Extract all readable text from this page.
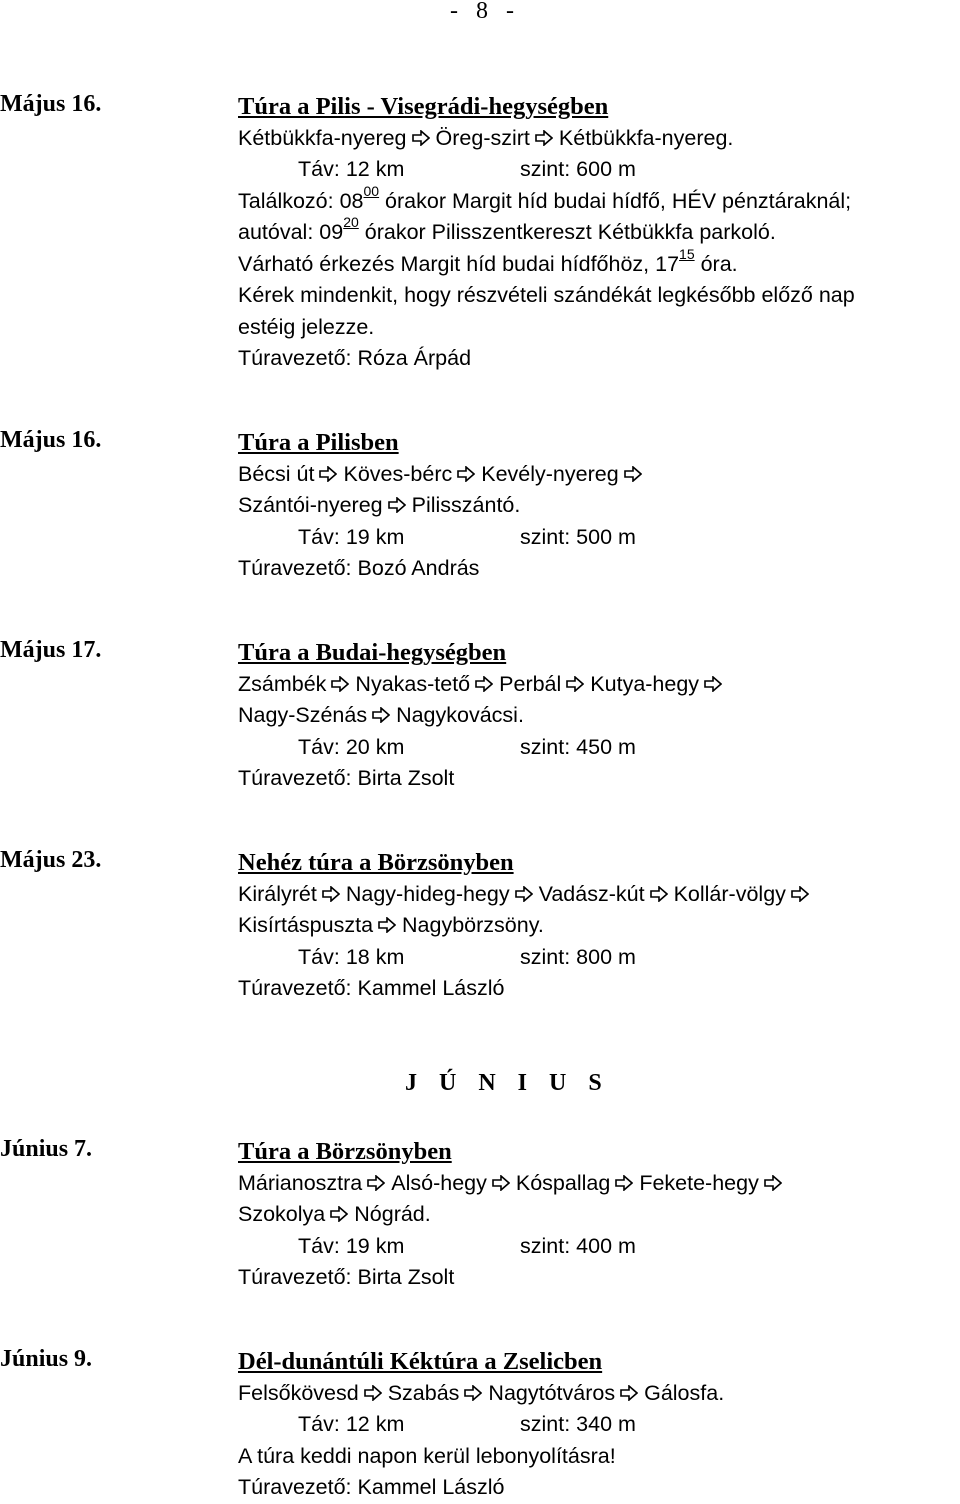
- 8 -
Május 16.	Túra a Pilis - Visegrádi-hegységben
Kétbükkfa-nyereg Öreg-szirt Kétbükkfa-nyereg.
Táv: 12 km	szint: 600 m
Találkozó: $08^{00}$ órakor Margit híd budai hídfő, HÉV pénztáraknál;
autóval: $09^{20}$ órakor Pilisszentkereszt Kétbükkfa parkoló.
Várható érkezés Margit híd budai hídfőhöz, $17^{15}$ óra.
Kérek mindenkit, hogy részvételi szándékát legkésőbb előző nap
estéig jelezze.
Túravezető: Róza Árpád
Május 16.	Túra a Pilisben
Bécsi út Köves-bérc Kevély-nyereg
Szántói-nyereg Pilisszántó.
Táv: 19 km	szint: 500 m
Túravezető: Bozó András
Május 17.	Túra a Budai-hegységben
Zsámbék Nyakas-tető Perbál Kutya-hegy
Nagy-Szénás Nagykovácsi.
Táv: 20 km	szint: 450 m
Túravezető: Birta Zsolt
Május 23.	Nehéz túra a Börzsönyben
Királyrét Nagy-hideg-hegy Vadász-kút Kollár-völgy
Kisírtáspuszta Nagybörzsöny.
Táv: 18 km	szint: 800 m
Túravezető: Kammel László
J Ú N I U S
Június 7.	Túra a Börzsönyben
Márianosztra Alsó-hegy Kóspallag Fekete-hegy
Szokolya Nógrád.
Táv: 19 km	szint: 400 m
Túravezető: Birta Zsolt
Június 9.	Dél-dunántúli Kéktúra a Zselicben
Felsőkövesd Szabás Nagytótváros Gálosfa.
Táv: 12 km	szint: 340 m
A túra keddi napon kerül lebonyolításra!
Túravezető: Kammel László
